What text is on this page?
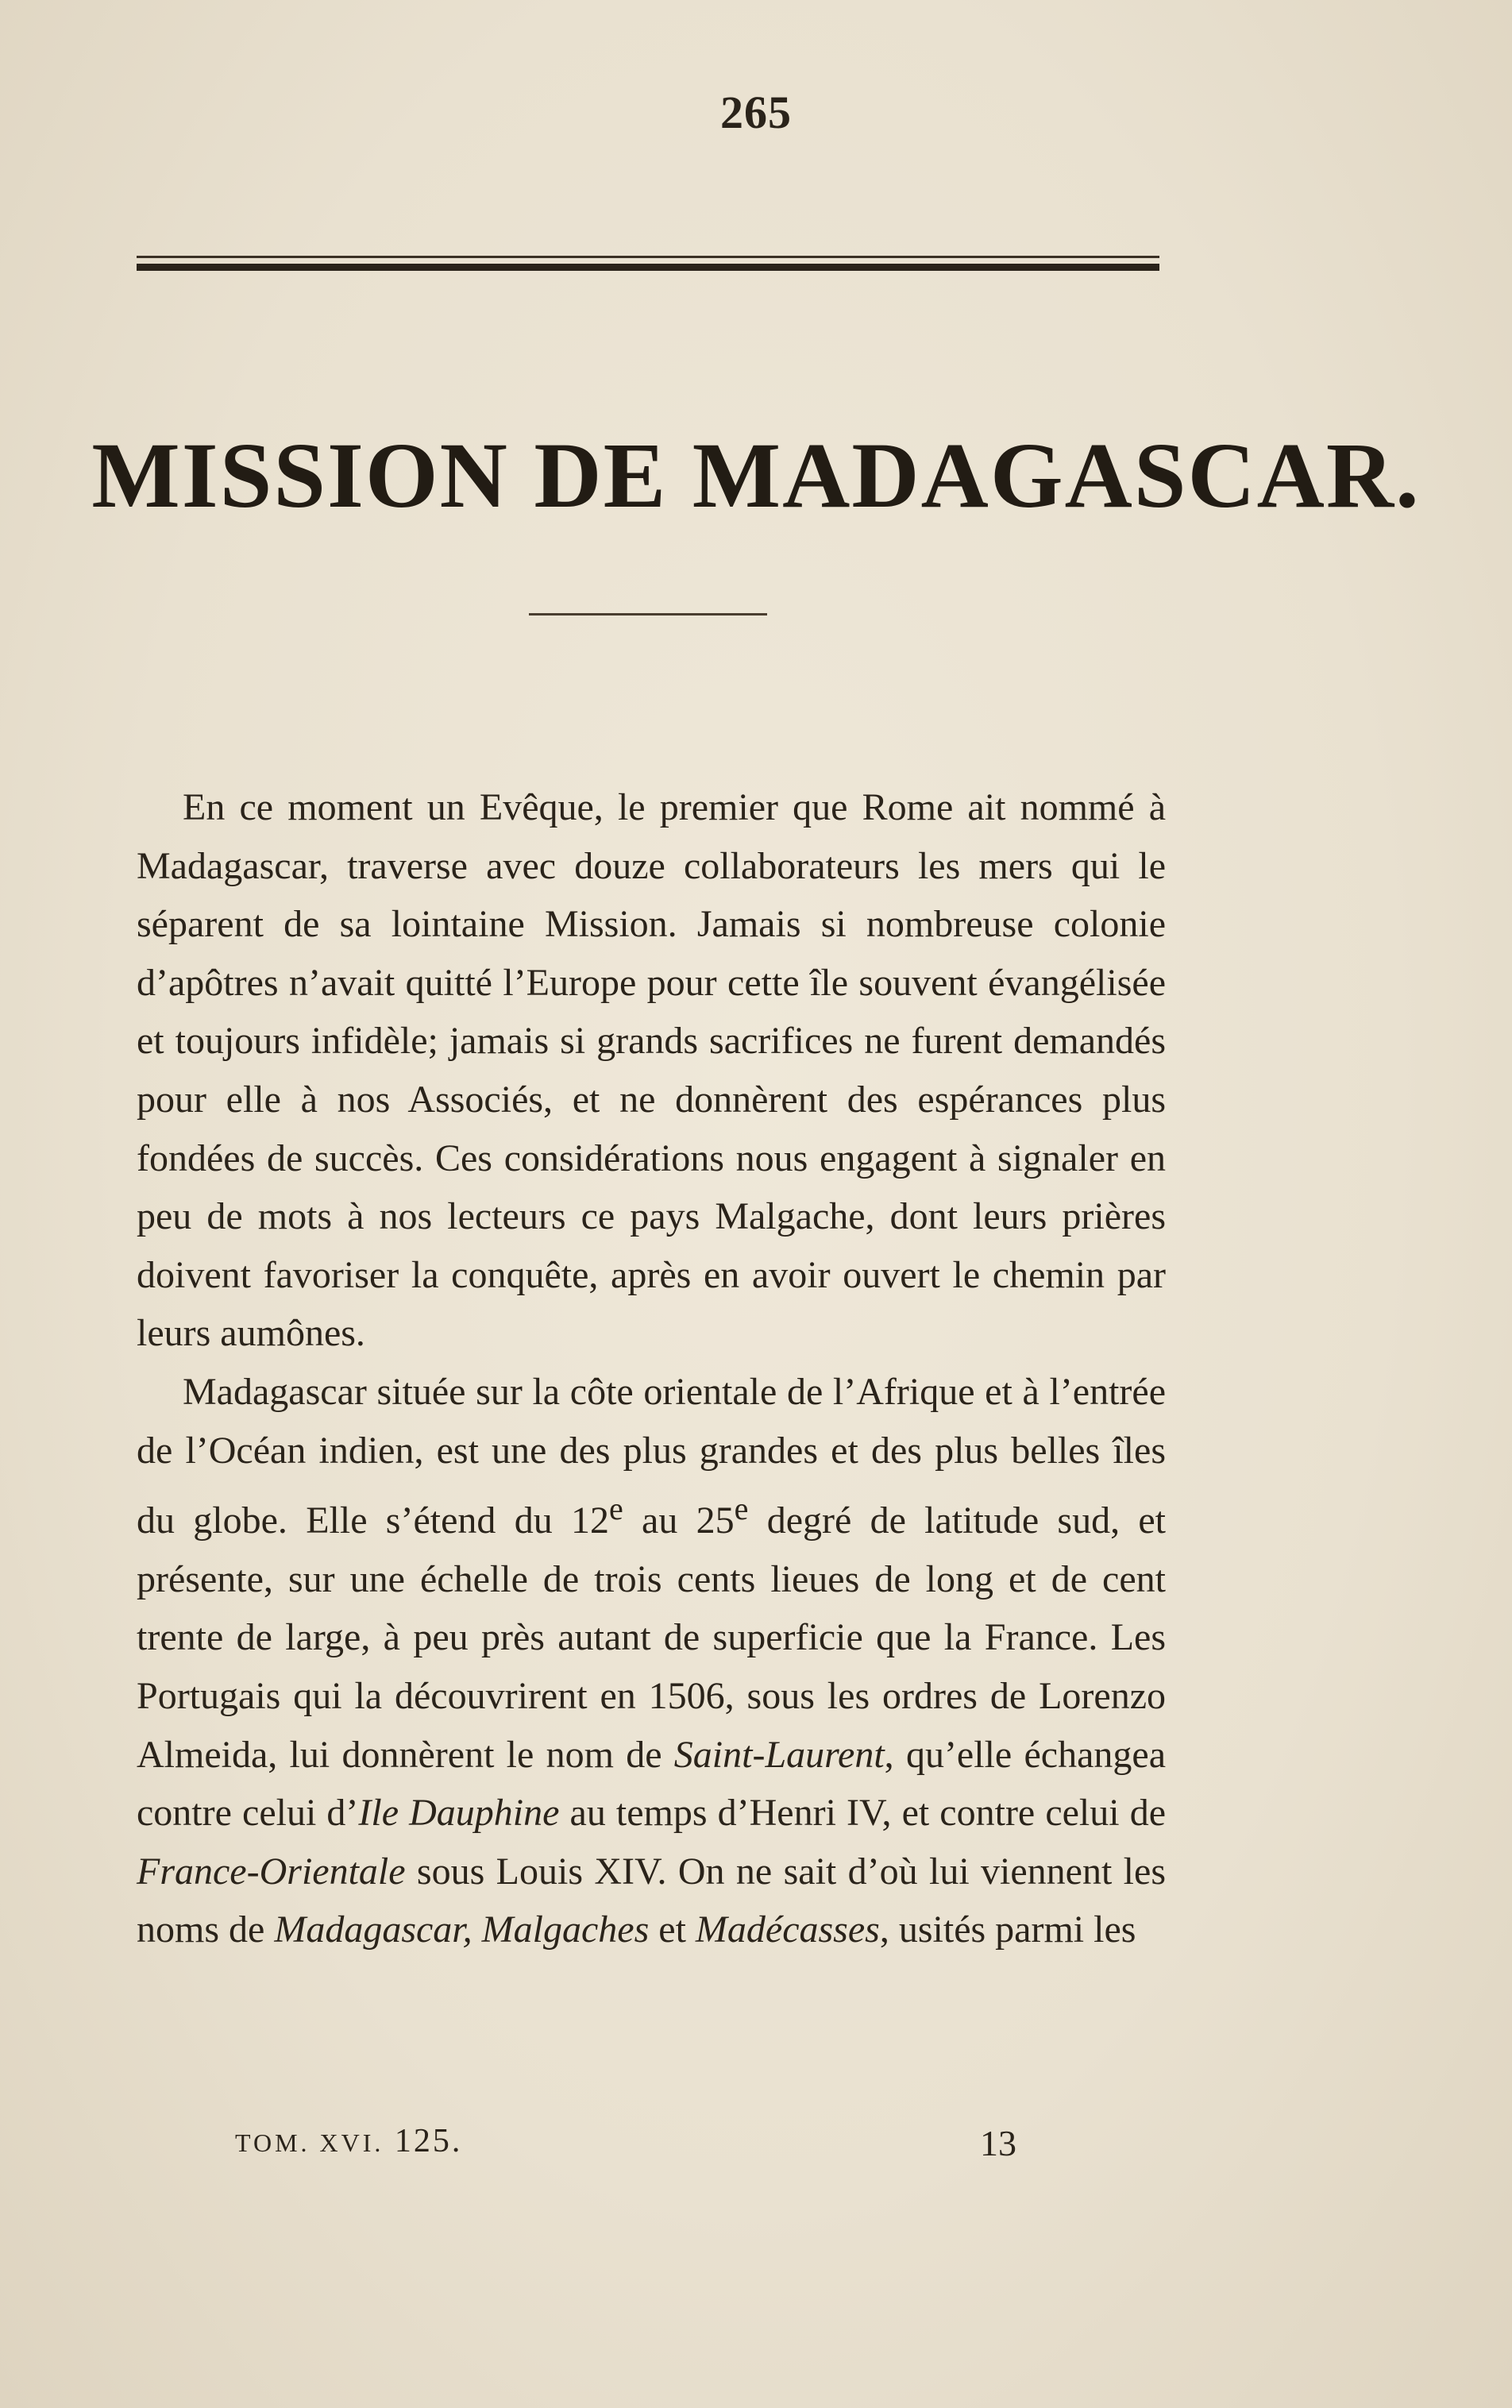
265
MISSION DE MADAGASCAR.

En ce moment un Evêque, le premier que Rome ait nommé à Madagascar, traverse avec douze collaborateurs les mers qui le séparent de sa lointaine Mission. Jamais si nombreuse colonie d’apôtres n’avait quitté l’Europe pour cette île souvent évangélisée et toujours infidèle; jamais si grands sacrifices ne furent demandés pour elle à nos Associés, et ne donnèrent des espérances plus fondées de succès. Ces considérations nous engagent à signaler en peu de mots à nos lecteurs ce pays Malgache, dont leurs prières doivent favoriser la conquête, après en avoir ouvert le chemin par leurs aumônes.

Madagascar située sur la côte orientale de l’Afrique et à l’entrée de l’Océan indien, est une des plus grandes et des plus belles îles du globe. Elle s’étend du 12e au 25e degré de latitude sud, et présente, sur une échelle de trois cents lieues de long et de cent trente de large, à peu près autant de superficie que la France. Les Portugais qui la découvrirent en 1506, sous les ordres de Lorenzo Almeida, lui donnèrent le nom de Saint-Laurent, qu’elle échangea contre celui d’Ile Dauphine au temps d’Henri IV, et contre celui de France-Orientale sous Louis XIV. On ne sait d’où lui viennent les noms de Madagascar, Malgaches et Madécasses, usités parmi les

TOM. XVI. 125.	13
